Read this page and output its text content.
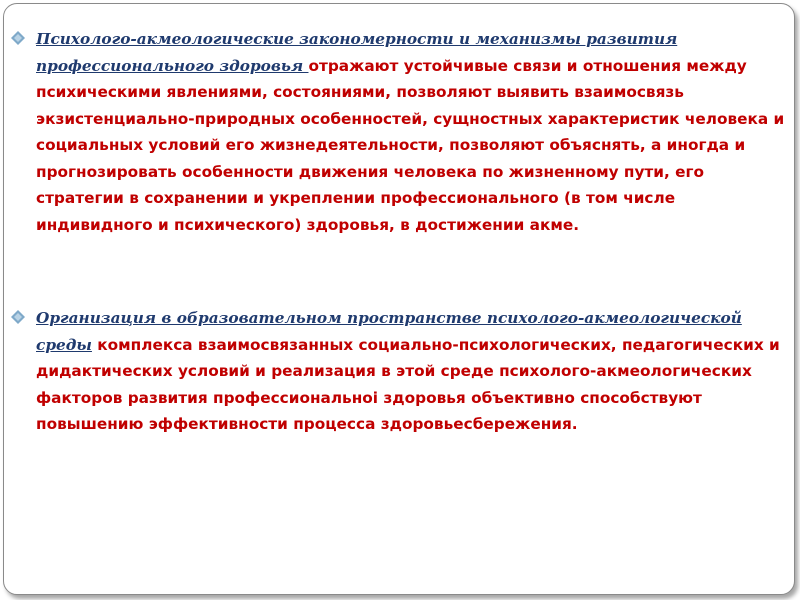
Психолого-акмеологические закономерности и механизмы развития профессионального здоровья отражают устойчивые связи и отношения между психическими явлениями, состояниями, позволяют выявить взаимосвязь экзистенциально-природных особенностей, сущностных характеристик человека и социальных условий его жизнедеятельности, позволяют объяснять, а иногда и прогнозировать особенности движения человека по жизненному пути, его стратегии в сохранении и укреплении профессионального (в том числе индивидного и психического) здоровья, в достижении акме.

Организация в образовательном пространстве психолого-акмеологической среды комплекса взаимосвязанных социально-психологических, педагогических и дидактических условий и реализация в этой среде психолого-акмеологических факторов развития профессиональноi здоровья объективно способствуют повышению эффективности процесса здоровьесбережения.
